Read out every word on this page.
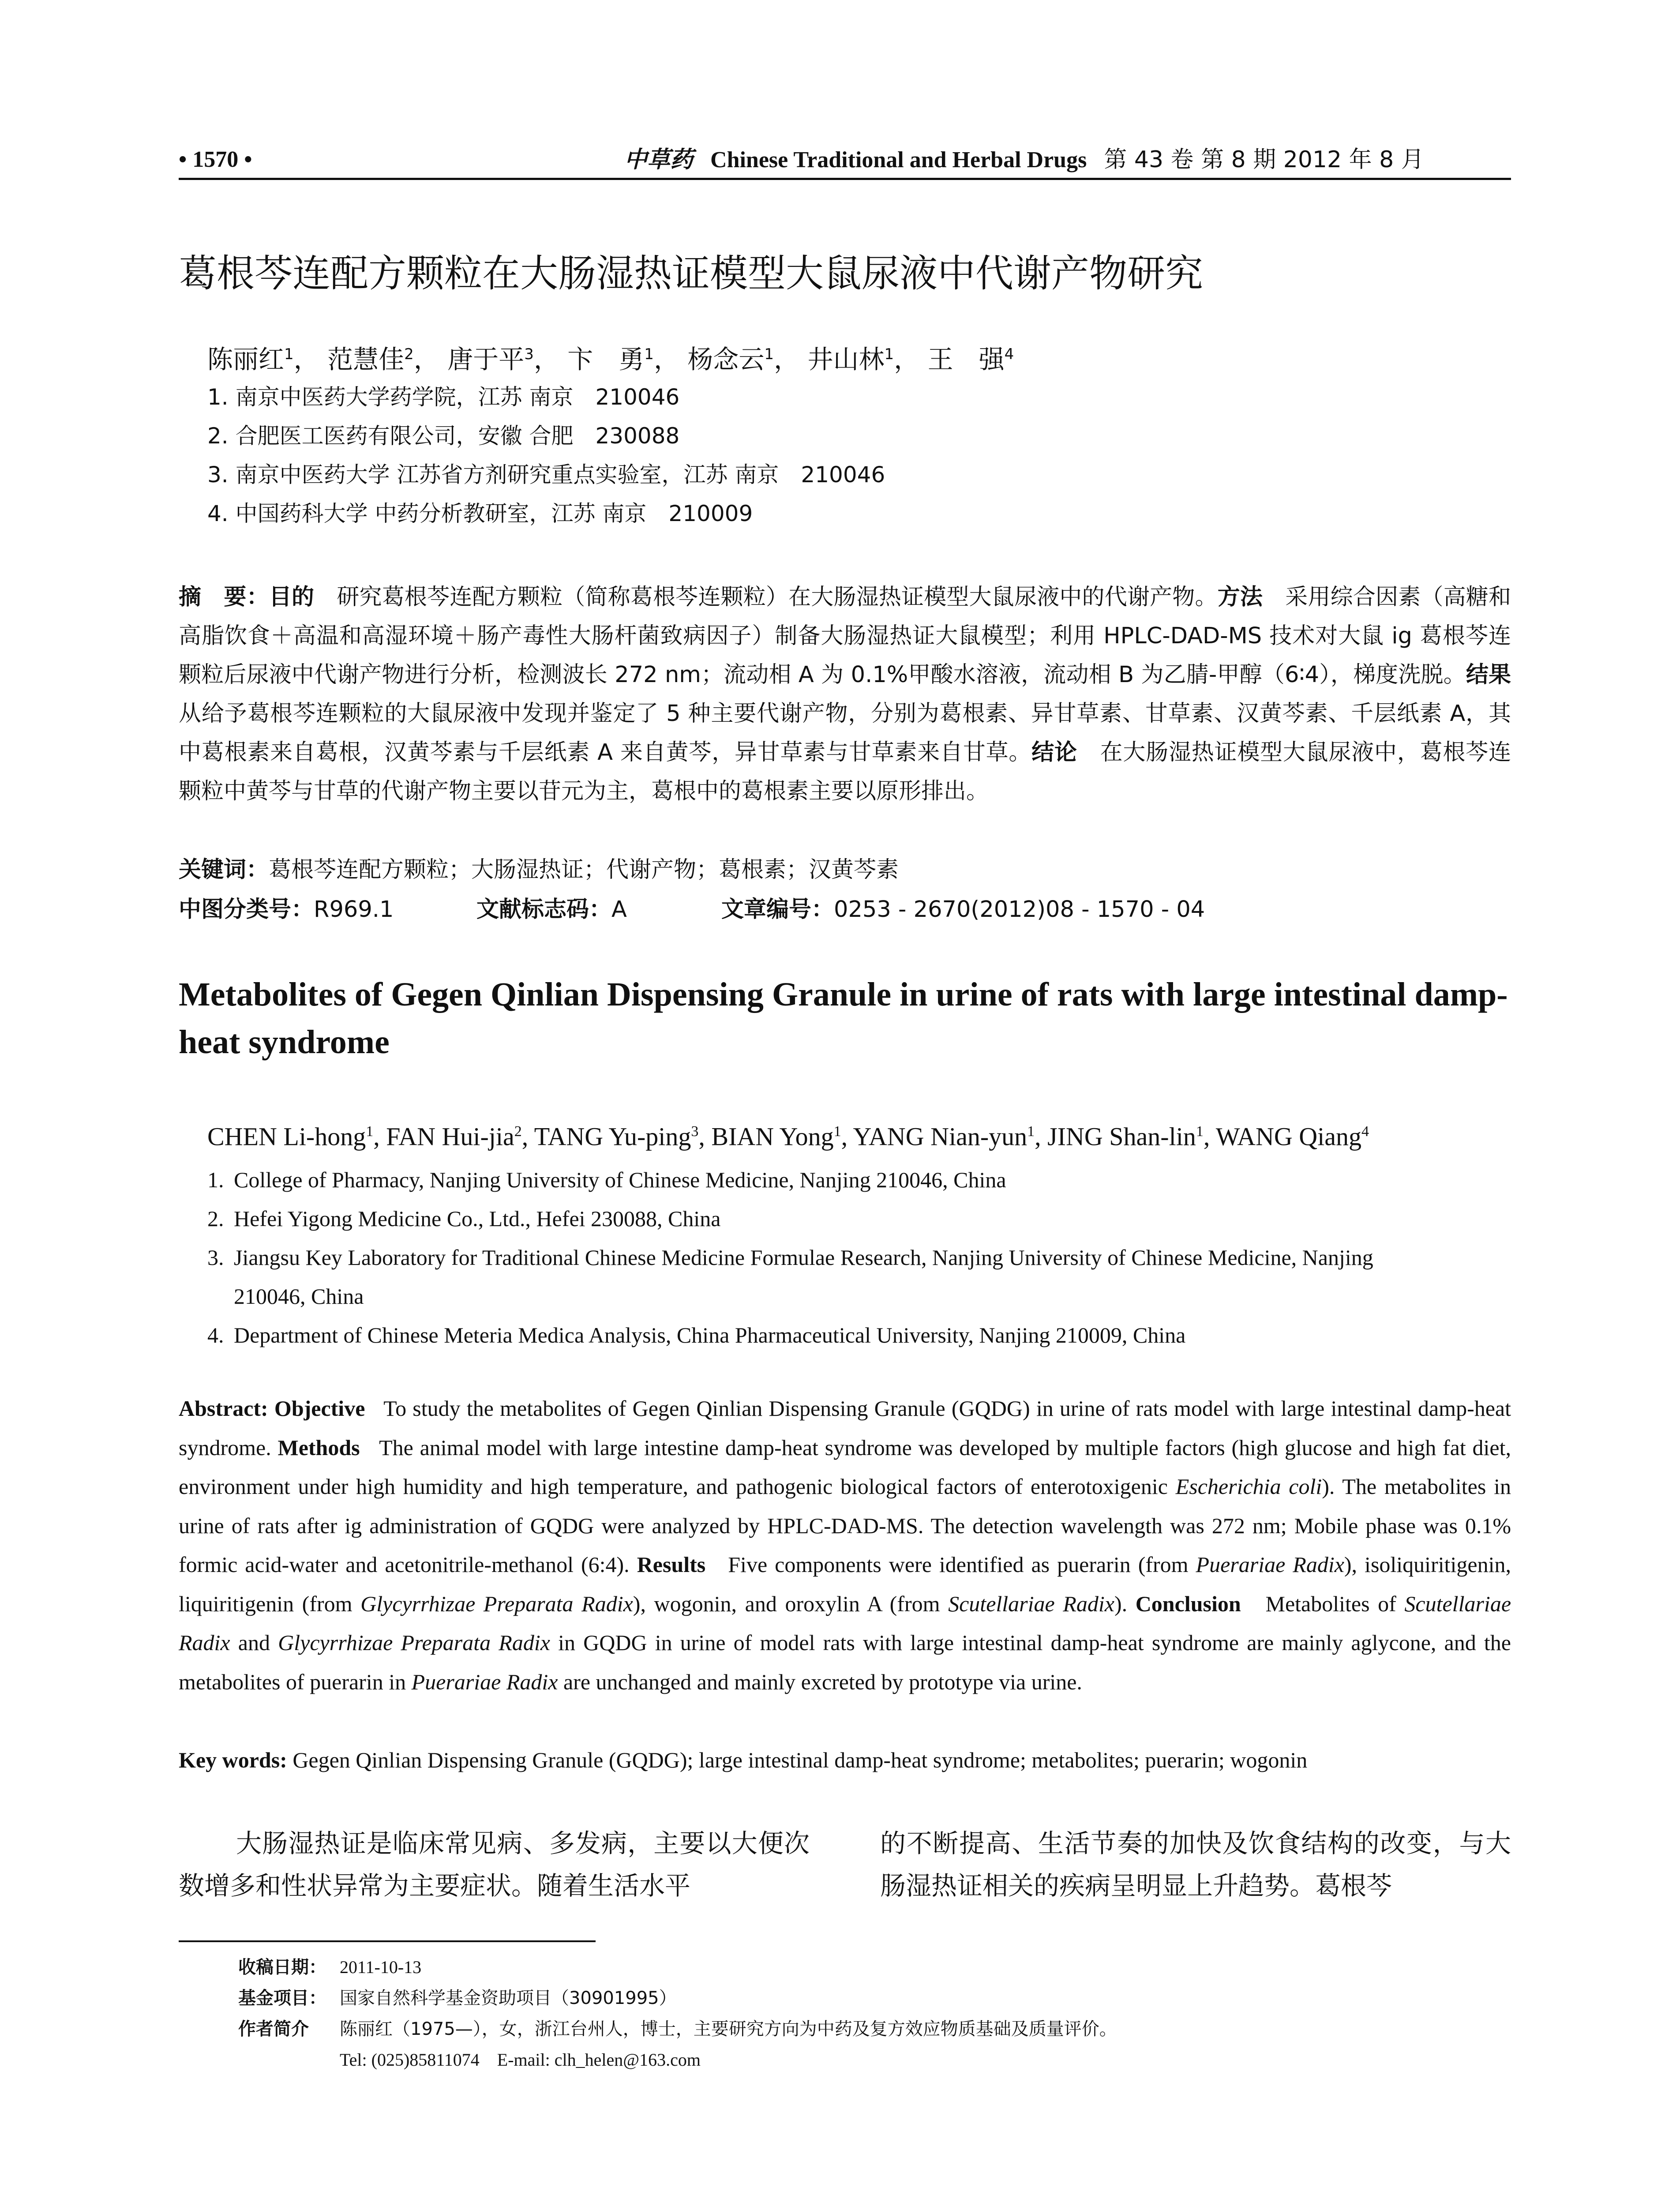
• 1570 •	中草药 Chinese Traditional and Herbal Drugs 第 43 卷 第 8 期 2012 年 8 月
葛根芩连配方颗粒在大肠湿热证模型大鼠尿液中代谢产物研究
陈丽红$^1$， 范慧佳$^2$， 唐于平$^3$， 卞　勇$^1$， 杨念云$^1$， 井山林$^1$， 王　强$^4$
1. 南京中医药大学药学院，江苏 南京　210046
2. 合肥医工医药有限公司，安徽 合肥　230088
3. 南京中医药大学 江苏省方剂研究重点实验室，江苏 南京　210046
4. 中国药科大学 中药分析教研室，江苏 南京　210009
摘　要：目的　 研究葛根芩连配方颗粒（简称葛根芩连颗粒）在大肠湿热证模型大鼠尿液中的代谢产物。方法　 采用综合因素（高糖和高脂饮食＋高温和高湿环境＋肠产毒性大肠杆菌致病因子）制备大肠湿热证大鼠模型；利用 HPLC-DAD-MS 技术对大鼠 ig 葛根芩连颗粒后尿液中代谢产物进行分析，检测波长 272 nm；流动相 A 为 0.1%甲酸水溶液，流动相 B 为乙腈-甲醇（6∶4），梯度洗脱。结果　从给予葛根芩连颗粒的大鼠尿液中发现并鉴定了 5 种主要代谢产物，分别为葛根素、异甘草素、甘草素、汉黄芩素、千层纸素 A，其中葛根素来自葛根，汉黄芩素与千层纸素 A 来自黄芩，异甘草素与甘草素来自甘草。结论　 在大肠湿热证模型大鼠尿液中，葛根芩连颗粒中黄芩与甘草的代谢产物主要以苷元为主，葛根中的葛根素主要以原形排出。
关键词：葛根芩连配方颗粒；大肠湿热证；代谢产物；葛根素；汉黄芩素
中图分类号： R969.1	文献标志码： A	文章编号： 0253 - 2670(2012)08 - 1570 - 04
Metabolites of Gegen Qinlian Dispensing Granule in urine of rats with large intestinal damp-heat syndrome
CHEN Li-hong$^1$, FAN Hui-jia$^2$, TANG Yu-ping$^3$, BIAN Yong$^1$, YANG Nian-yun$^1$, JING Shan-lin$^1$, WANG Qiang$^4$
1. College of Pharmacy, Nanjing University of Chinese Medicine, Nanjing 210046, China
2. Hefei Yigong Medicine Co., Ltd., Hefei 230088, China
3. Jiangsu Key Laboratory for Traditional Chinese Medicine Formulae Research, Nanjing University of Chinese Medicine, Nanjing
210046, China
4. Department of Chinese Meteria Medica Analysis, China Pharmaceutical University, Nanjing 210009, China
Abstract: Objective To study the metabolites of Gegen Qinlian Dispensing Granule (GQDG) in urine of rats model with large intestinal damp-heat syndrome. Methods The animal model with large intestine damp-heat syndrome was developed by multiple factors (high glucose and high fat diet, environment under high humidity and high temperature, and pathogenic biological factors of enterotoxigenic Escherichia coli). The metabolites in urine of rats after ig administration of GQDG were analyzed by HPLC-DAD-MS. The detection wavelength was 272 nm; Mobile phase was 0.1% formic acid-water and acetonitrile-methanol (6:4). Results Five components were identified as puerarin (from Puerariae Radix), isoliquiritigenin, liquiritigenin (from Glycyrrhizae Preparata Radix), wogonin, and oroxylin A (from Scutellariae Radix). Conclusion Metabolites of Scutellariae Radix and Glycyrrhizae Preparata Radix in GQDG in urine of model rats with large intestinal damp-heat syndrome are mainly aglycone, and the metabolites of puerarin in Puerariae Radix are unchanged and mainly excreted by prototype via urine.
Key words: Gegen Qinlian Dispensing Granule (GQDG); large intestinal damp-heat syndrome; metabolites; puerarin; wogonin
大肠湿热证是临床常见病、多发病，主要以大便次数增多和性状异常为主要症状。随着生活水平
的不断提高、生活节奏的加快及饮食结构的改变，与大肠湿热证相关的疾病呈明显上升趋势。葛根芩
收稿日期： 2011-10-13
基金项目： 国家自然科学基金资助项目（30901995）
作者简介 陈丽红（1975—），女，浙江台州人，博士，主要研究方向为中药及复方效应物质基础及质量评价。
Tel: (025)85811074　E-mail: clh_helen@163.com
